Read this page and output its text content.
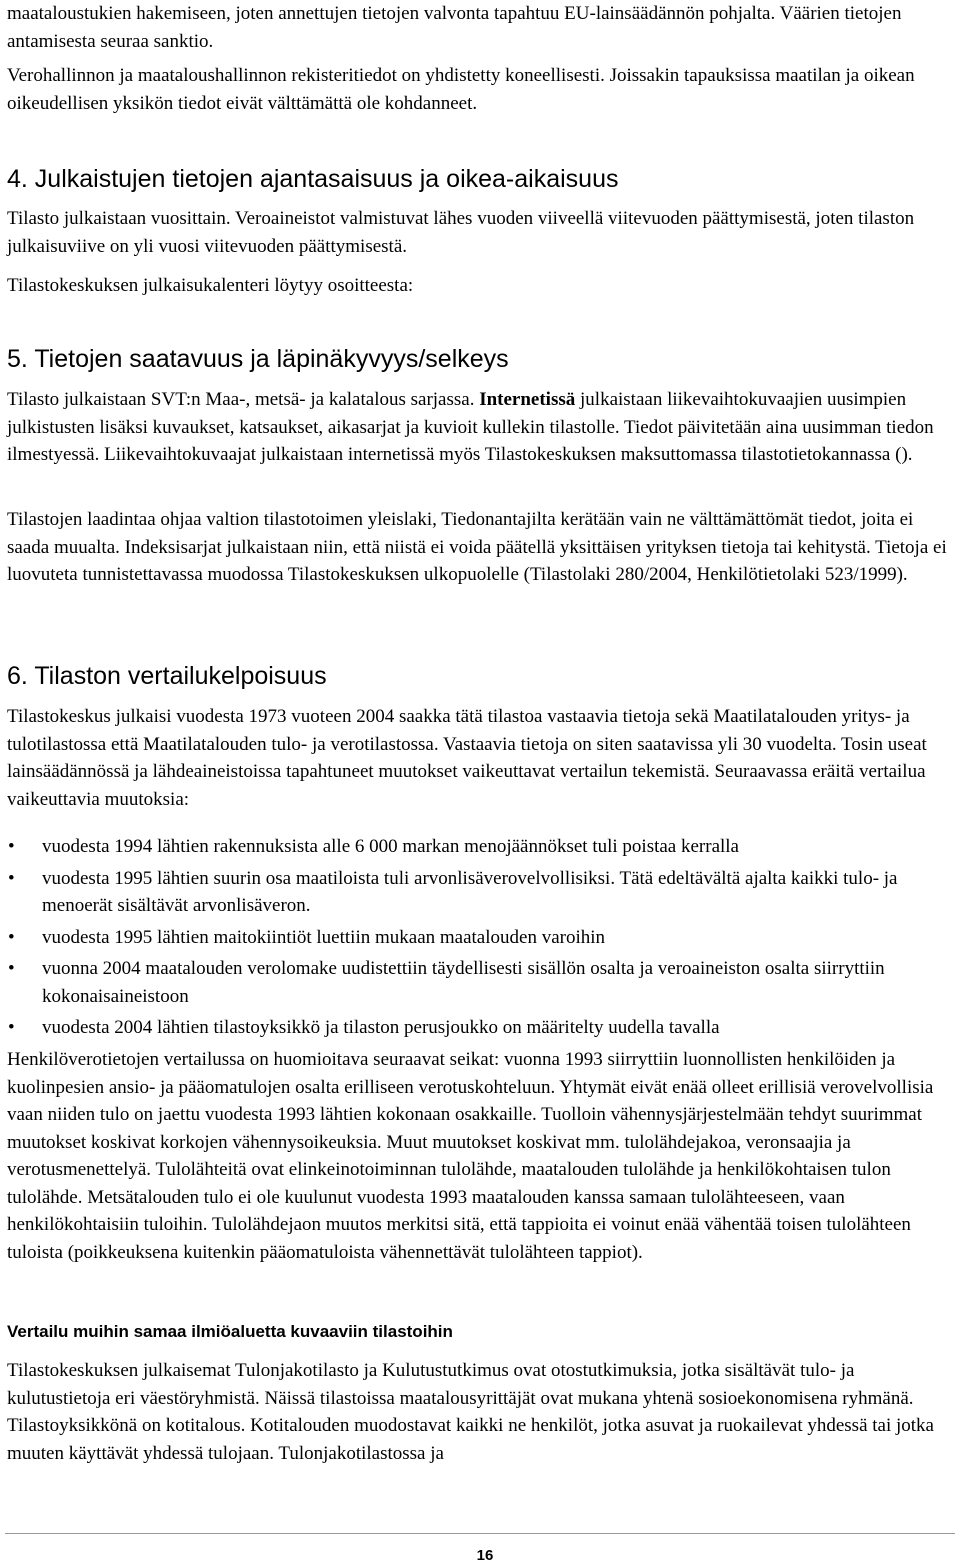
maataloustukien hakemiseen, joten annettujen tietojen valvonta tapahtuu EU-lainsäädännön pohjalta. Väärien tietojen antamisesta seuraa sanktio.

Verohallinnon ja maataloushallinnon rekisteritiedot on yhdistetty koneellisesti. Joissakin tapauksissa maatilan ja oikean oikeudellisen yksikön tiedot eivät välttämättä ole kohdanneet.

4. Julkaistujen tietojen ajantasaisuus ja oikea-aikaisuus

Tilasto julkaistaan vuosittain. Veroaineistot valmistuvat lähes vuoden viiveellä viitevuoden päättymisestä, joten tilaston julkaisuviive on yli vuosi viitevuoden päättymisestä.

Tilastokeskuksen julkaisukalenteri löytyy osoitteesta:

5. Tietojen saatavuus ja läpinäkyvyys/selkeys

Tilasto julkaistaan SVT:n Maa-, metsä- ja kalatalous sarjassa. Internetissä julkaistaan liikevaihtokuvaajien uusimpien julkistusten lisäksi kuvaukset, katsaukset, aikasarjat ja kuvioit kullekin tilastolle. Tiedot päivitetään aina uusimman tiedon ilmestyessä. Liikevaihtokuvaajat julkaistaan internetissä myös Tilastokeskuksen maksuttomassa tilastotietokannassa ().

Tilastojen laadintaa ohjaa valtion tilastotoimen yleislaki, Tiedonantajilta kerätään vain ne välttämättömät tiedot, joita ei saada muualta. Indeksisarjat julkaistaan niin, että niistä ei voida päätellä yksittäisen yrityksen tietoja tai kehitystä. Tietoja ei luovuteta tunnistettavassa muodossa Tilastokeskuksen ulkopuolelle (Tilastolaki 280/2004, Henkilötietolaki 523/1999).

6. Tilaston vertailukelpoisuus

Tilastokeskus julkaisi vuodesta 1973 vuoteen 2004 saakka tätä tilastoa vastaavia tietoja sekä Maatilatalouden yritys- ja tulotilastossa että Maatilatalouden tulo- ja verotilastossa. Vastaavia tietoja on siten saatavissa yli 30 vuodelta. Tosin useat lainsäädännössä ja lähdeaineistoissa tapahtuneet muutokset vaikeuttavat vertailun tekemistä. Seuraavassa eräitä vertailua vaikeuttavia muutoksia:

• vuodesta 1994 lähtien rakennuksista alle 6 000 markan menojäännökset tuli poistaa kerralla
• vuodesta 1995 lähtien suurin osa maatiloista tuli arvonlisäverovelvollisiksi. Tätä edeltävältä ajalta kaikki tulo- ja menoerät sisältävät arvonlisäveron.
• vuodesta 1995 lähtien maitokiintiöt luettiin mukaan maatalouden varoihin
• vuonna 2004 maatalouden verolomake uudistettiin täydellisesti sisällön osalta ja veroaineiston osalta siirryttiin kokonaisaineistoon
• vuodesta 2004 lähtien tilastoyksikkö ja tilaston perusjoukko on määritelty uudella tavalla

Henkilöverotietojen vertailussa on huomioitava seuraavat seikat: vuonna 1993 siirryttiin luonnollisten henkilöiden ja kuolinpesien ansio- ja pääomatulojen osalta erilliseen verotuskohteluun. Yhtymät eivät enää olleet erillisiä verovelvollisia vaan niiden tulo on jaettu vuodesta 1993 lähtien kokonaan osakkaille. Tuolloin vähennysjärjestelmään tehdyt suurimmat muutokset koskivat korkojen vähennysoikeuksia. Muut muutokset koskivat mm. tulolähdejakoa, veronsaajia ja verotusmenettelyä. Tulolähteitä ovat elinkeinotoiminnan tulolähde, maatalouden tulolähde ja henkilökohtaisen tulon tulolähde. Metsätalouden tulo ei ole kuulunut vuodesta 1993 maatalouden kanssa samaan tulolähteeseen, vaan henkilökohtaisiin tuloihin. Tulolähdejaon muutos merkitsi sitä, että tappioita ei voinut enää vähentää toisen tulolähteen tuloista (poikkeuksena kuitenkin pääomatuloista vähennettävät tulolähteen tappiot).

Vertailu muihin samaa ilmiöaluetta kuvaaviin tilastoihin

Tilastokeskuksen julkaisemat Tulonjakotilasto ja Kulutustutkimus ovat otostutkimuksia, jotka sisältävät tulo- ja kulutustietoja eri väestöryhmistä. Näissä tilastoissa maatalousyrittäjät ovat mukana yhtenä sosioekonomisena ryhmänä. Tilastoyksikkönä on kotitalous. Kotitalouden muodostavat kaikki ne henkilöt, jotka asuvat ja ruokailevat yhdessä tai jotka muuten käyttävät yhdessä tulojaan. Tulonjakotilastossa ja

16
